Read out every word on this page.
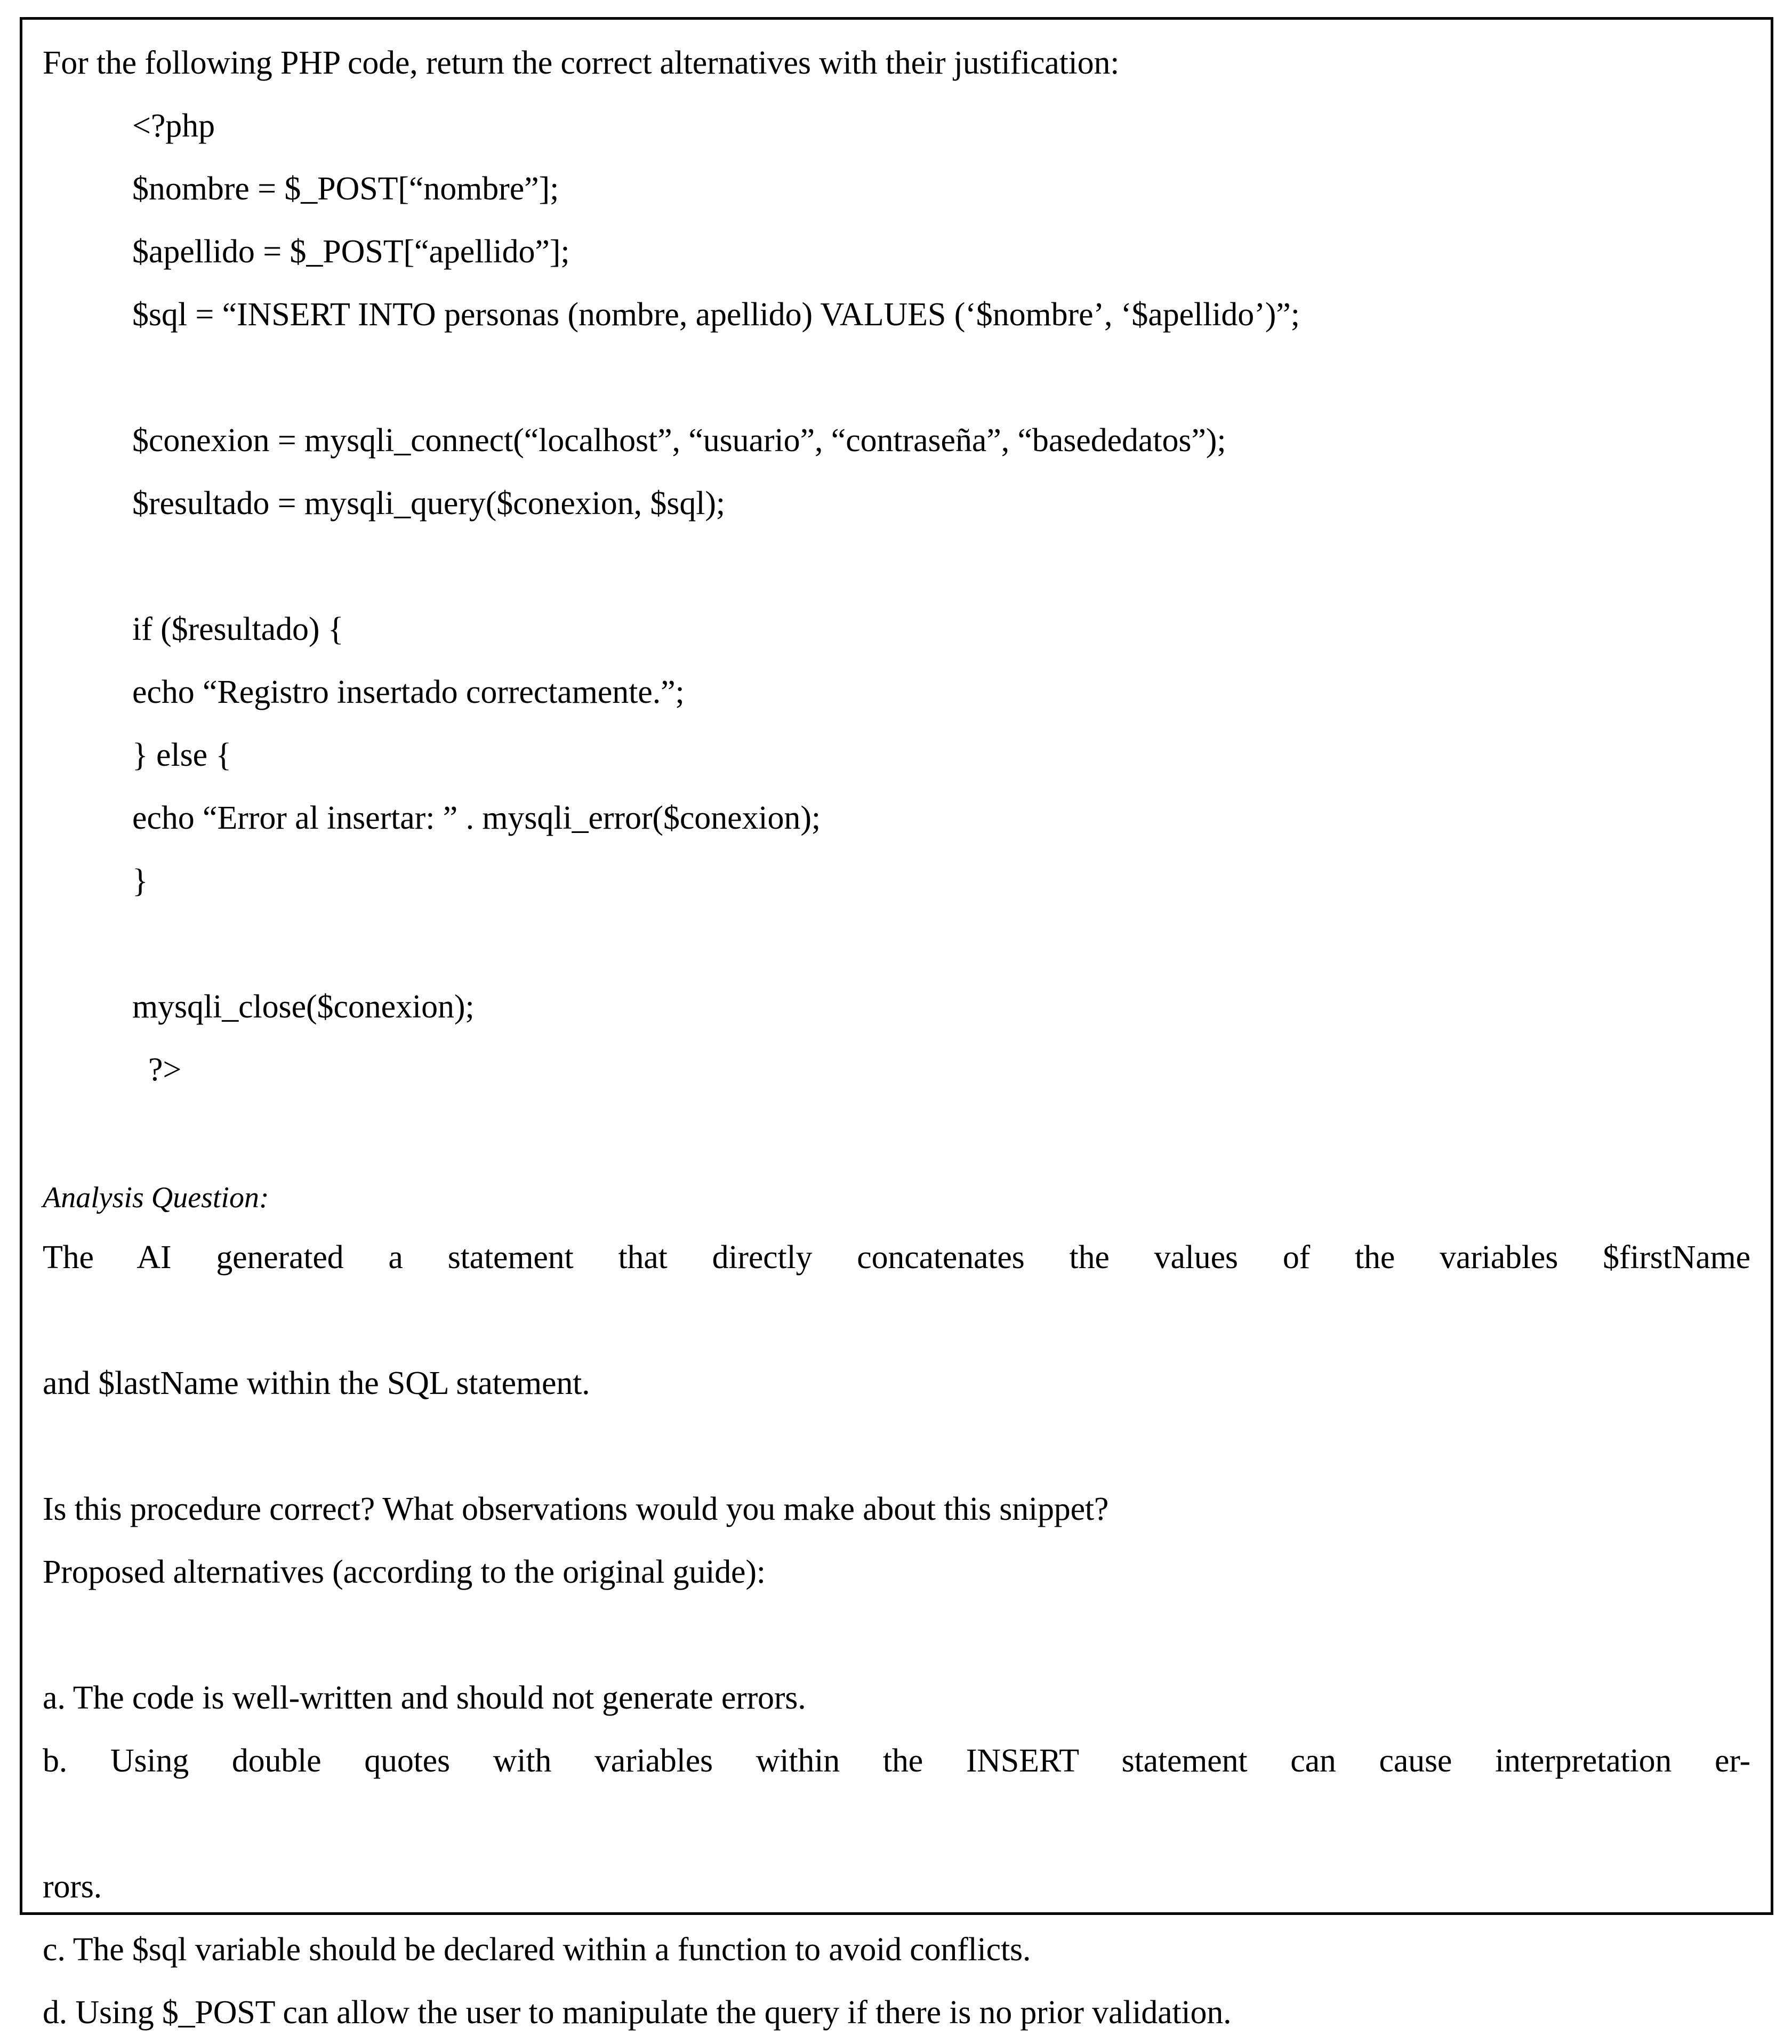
For the following PHP code, return the correct alternatives with their justification:
<?php
$nombre = $_POST[“nombre”];
$apellido = $_POST[“apellido”];
$sql = “INSERT INTO personas (nombre, apellido) VALUES (‘$nombre’, ‘$apellido’)”;
$conexion = mysqli_connect(“localhost”, “usuario”, “contraseña”, “basededatos”);
$resultado = mysqli_query($conexion, $sql);
if ($resultado) {
echo “Registro insertado correctamente.”;
} else {
echo “Error al insertar: ” . mysqli_error($conexion);
}
mysqli_close($conexion);
?>
Analysis Question:
The AI generated a statement that directly concatenates the values of the variables $firstName
and $lastName within the SQL statement.
Is this procedure correct? What observations would you make about this snippet?
Proposed alternatives (according to the original guide):
a. The code is well-written and should not generate errors.
b. Using double quotes with variables within the INSERT statement can cause interpretation er-
rors.
c. The $sql variable should be declared within a function to avoid conflicts.
d. Using $_POST can allow the user to manipulate the query if there is no prior validation.
